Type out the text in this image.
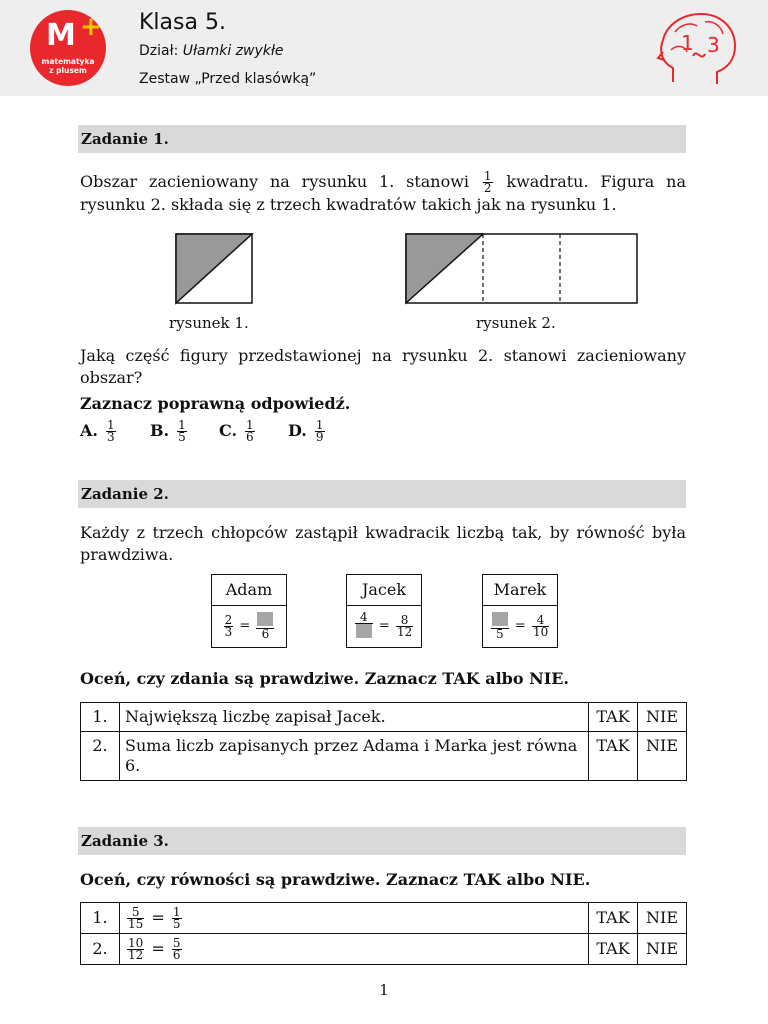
M +
matematyka
z plusem
Klasa 5.
Dział: Ułamki zwykłe
Zestaw „Przed klasówką”
1 3
Zadanie 1.
Obszar zacieniowany na rysunku 1. stanowi $\frac{1}{2}$ kwadratu. Figura na rysunku 2. składa się z trzech kwadratów takich jak na rysunku 1.
rysunek 1.	rysunek 2.
Jaką część figury przedstawionej na rysunku 2. stanowi zacieniowany obszar?
Zaznacz poprawną odpowiedź.
A. $\frac{1}{3} B$. $\frac{1}{5} C$. $\frac{1}{6} D$. $\frac{1}{9}$
Zadanie 2.
Każdy z trzech chłopców zastąpił kwadracik liczbą tak, by równość była prawdziwa.
Adam
$\frac{2}{3}$ =
6
Jacek
4
= $\frac{8}{12}$
Marek
5
= $\frac{4}{10}$
Oceń, czy zdania są prawdziwe. Zaznacz TAK albo NIE.
1.	Największą liczbę zapisał Jacek.	TAK	NIE
2.	Suma liczb zapisanych przez Adama i Marka jest równa 6.	TAK	NIE
Zadanie 3.
Oceń, czy równości są prawdziwe. Zaznacz TAK albo NIE.
1.	$\frac{5}{15} = \frac{1}{5}$	TAK	NIE
2.	$\frac{10}{12} = \frac{5}{6}$	TAK	NIE
1
